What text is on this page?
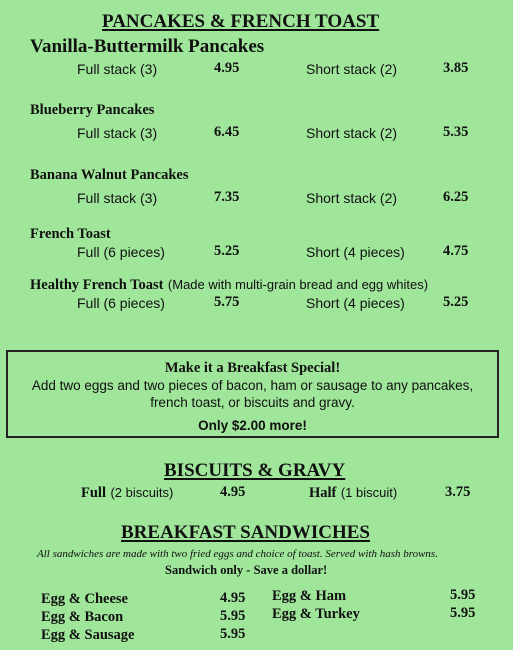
PANCAKES & FRENCH TOAST
Vanilla-Buttermilk Pancakes
Full stack (3)	4.95	Short stack (2)	3.85
Blueberry Pancakes
Full stack (3)	6.45	Short stack (2)	5.35
Banana Walnut Pancakes
Full stack (3)	7.35	Short stack (2)	6.25
French Toast
Full (6 pieces)	5.25	Short (4 pieces)	4.75
Healthy French Toast (Made with multi-grain bread and egg whites)
Full (6 pieces)	5.75	Short (4 pieces)	5.25
Make it a Breakfast Special!
Add two eggs and two pieces of bacon, ham or sausage to any pancakes,
french toast, or biscuits and gravy.
Only $2.00 more!
BISCUITS & GRAVY
Full (2 biscuits)	4.95	Half (1 biscuit)	3.75
BREAKFAST SANDWICHES
All sandwiches are made with two fried eggs and choice of toast. Served with hash browns.
Sandwich only - Save a dollar!
Egg & Cheese	4.95
Egg & Bacon	5.95
Egg & Sausage	5.95
Egg & Ham	5.95
Egg & Turkey	5.95
